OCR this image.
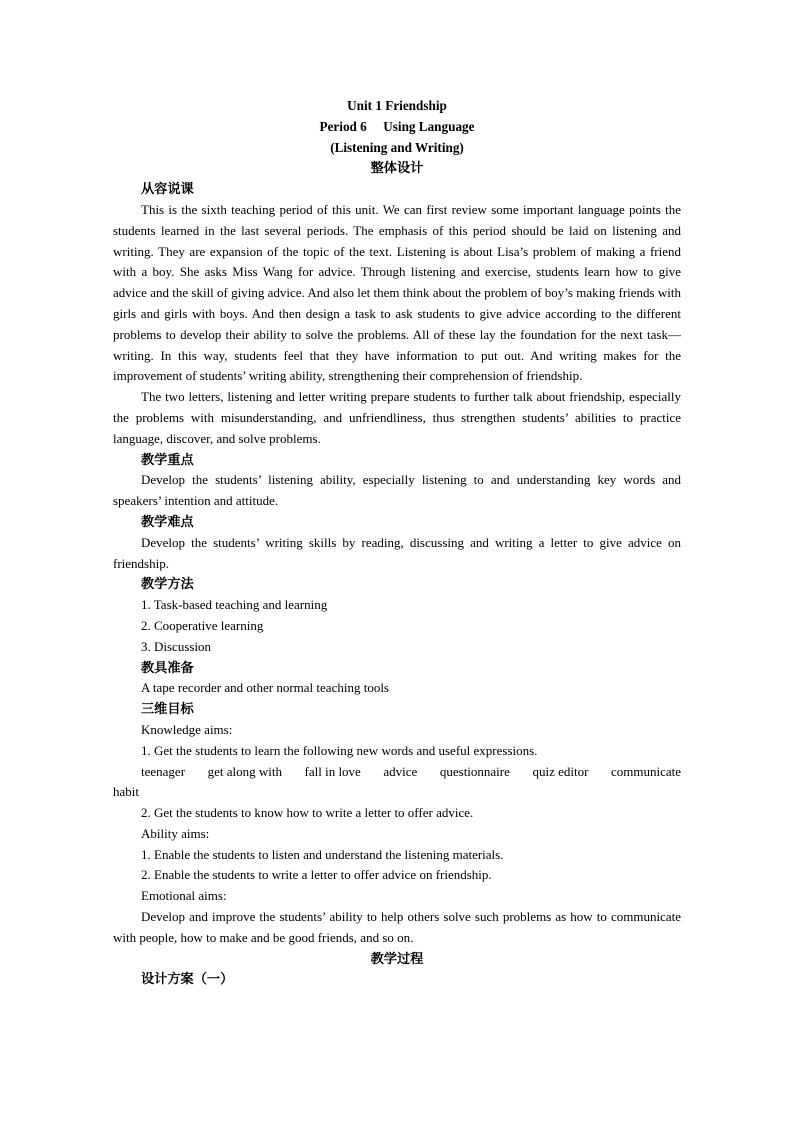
Unit 1 Friendship
Period 6　 Using Language
(Listening and Writing)
整体设计
从容说课
This is the sixth teaching period of this unit. We can first review some important language points the students learned in the last several periods. The emphasis of this period should be laid on listening and writing. They are expansion of the topic of the text. Listening is about Lisa’s problem of making a friend with a boy. She asks Miss Wang for advice. Through listening and exercise, students learn how to give advice and the skill of giving advice. And also let them think about the problem of boy’s making friends with girls and girls with boys. And then design a task to ask students to give advice according to the different problems to develop their ability to solve the problems. All of these lay the foundation for the next task—writing. In this way, students feel that they have information to put out. And writing makes for the improvement of students’ writing ability, strengthening their comprehension of friendship.
The two letters, listening and letter writing prepare students to further talk about friendship, especially the problems with misunderstanding, and unfriendliness, thus strengthen students’ abilities to practice language, discover, and solve problems.
教学重点
Develop the students’ listening ability, especially listening to and understanding key words and speakers’ intention and attitude.
教学难点
Develop the students’ writing skills by reading, discussing and writing a letter to give advice on friendship.
教学方法
1. Task-based teaching and learning
2. Cooperative learning
3. Discussion
教具准备
A tape recorder and other normal teaching tools
三维目标
Knowledge aims:
1. Get the students to learn the following new words and useful expressions.
teenager get along with fall in love advice questionnaire quiz editor communicate
habit
2. Get the students to know how to write a letter to offer advice.
Ability aims:
1. Enable the students to listen and understand the listening materials.
2. Enable the students to write a letter to offer advice on friendship.
Emotional aims:
Develop and improve the students’ ability to help others solve such problems as how to communicate with people, how to make and be good friends, and so on.
教学过程
设计方案（一）
